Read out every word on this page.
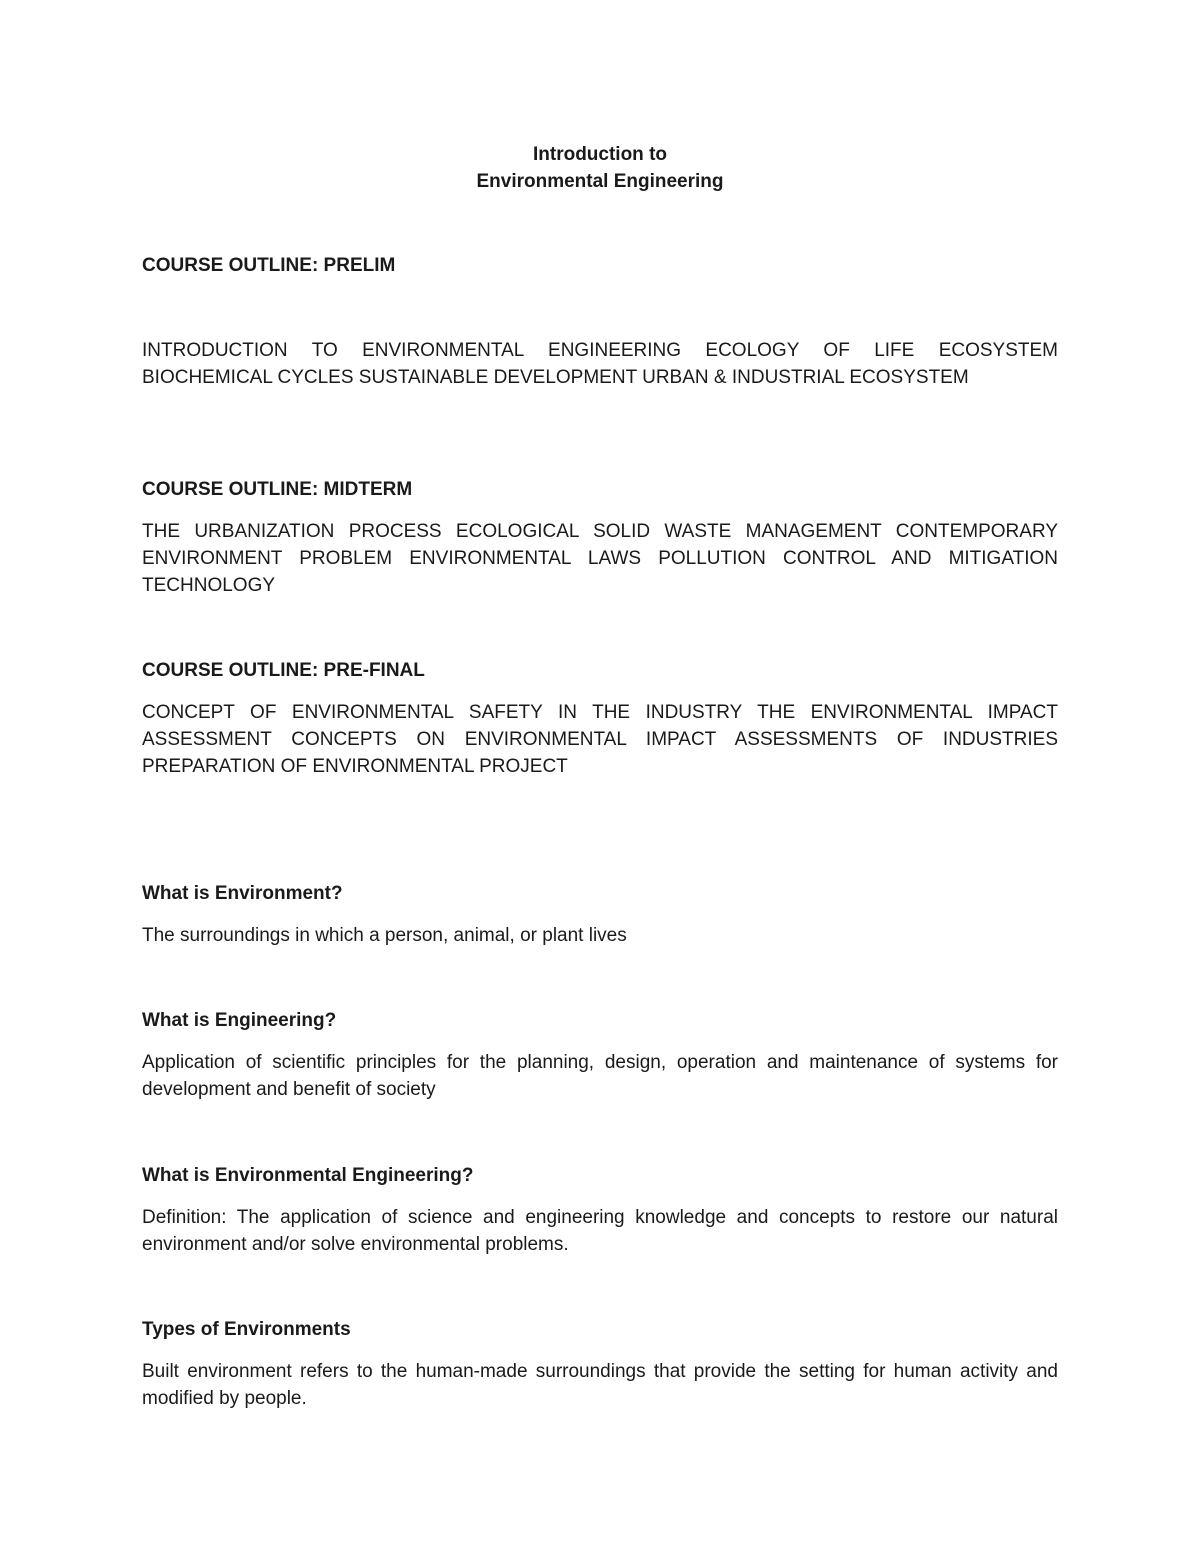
Introduction to
Environmental Engineering
COURSE OUTLINE: PRELIM
INTRODUCTION TO ENVIRONMENTAL ENGINEERING ECOLOGY OF LIFE ECOSYSTEM BIOCHEMICAL CYCLES SUSTAINABLE DEVELOPMENT URBAN & INDUSTRIAL ECOSYSTEM
COURSE OUTLINE: MIDTERM
THE URBANIZATION PROCESS ECOLOGICAL SOLID WASTE MANAGEMENT CONTEMPORARY ENVIRONMENT PROBLEM ENVIRONMENTAL LAWS POLLUTION CONTROL AND MITIGATION TECHNOLOGY
COURSE OUTLINE: PRE-FINAL
CONCEPT OF ENVIRONMENTAL SAFETY IN THE INDUSTRY THE ENVIRONMENTAL IMPACT ASSESSMENT CONCEPTS ON ENVIRONMENTAL IMPACT ASSESSMENTS OF INDUSTRIES PREPARATION OF ENVIRONMENTAL PROJECT
What is Environment?
The surroundings in which a person, animal, or plant lives
What is Engineering?
Application of scientific principles for the planning, design, operation and maintenance of systems for development and benefit of society
What is Environmental Engineering?
Definition: The application of science and engineering knowledge and concepts to restore our natural environment and/or solve environmental problems.
Types of Environments
Built environment refers to the human-made surroundings that provide the setting for human activity and modified by people.
